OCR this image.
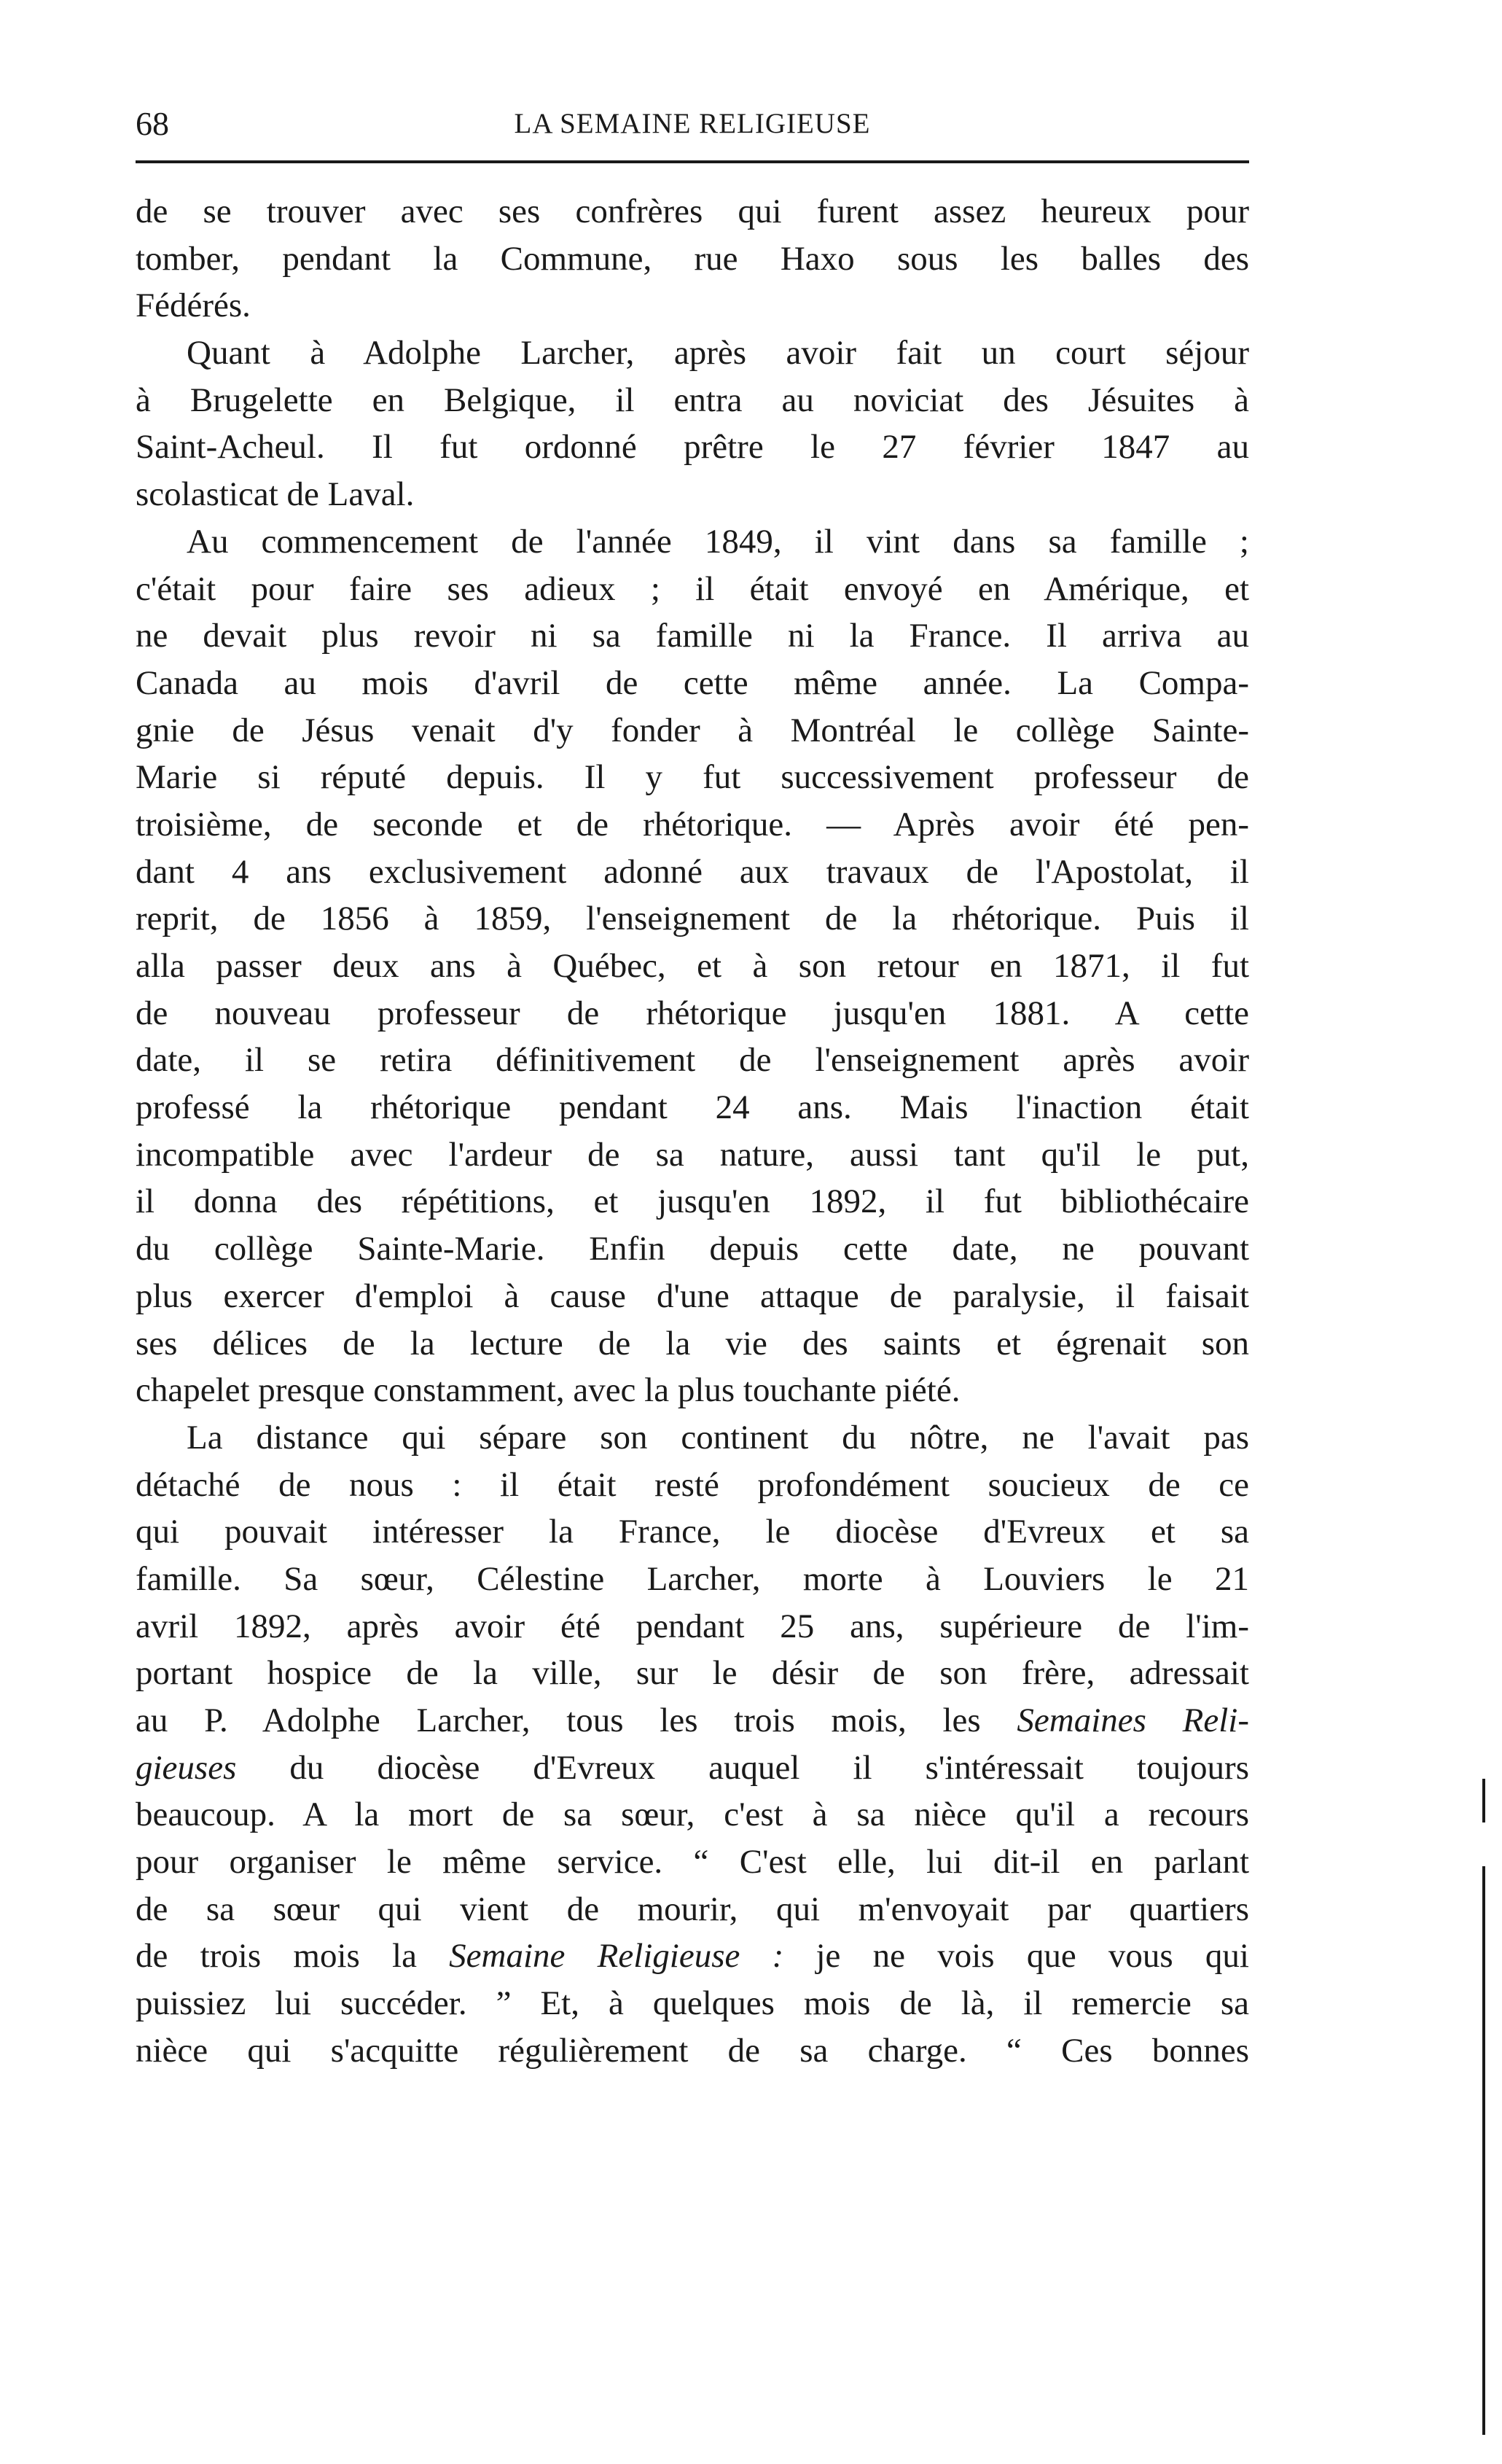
68	LA SEMAINE RELIGIEUSE
de se trouver avec ses confrères qui furent assez heureux pour
tomber, pendant la Commune, rue Haxo sous les balles des
Fédérés.
Quant à Adolphe Larcher, après avoir fait un court séjour
à Brugelette en Belgique, il entra au noviciat des Jésuites à
Saint-Acheul. Il fut ordonné prêtre le 27 février 1847 au
scolasticat de Laval.
Au commencement de l'année 1849, il vint dans sa famille ;
c'était pour faire ses adieux ; il était envoyé en Amérique, et
ne devait plus revoir ni sa famille ni la France. Il arriva au
Canada au mois d'avril de cette même année. La Compa-
gnie de Jésus venait d'y fonder à Montréal le collège Sainte-
Marie si réputé depuis. Il y fut successivement professeur de
troisième, de seconde et de rhétorique. — Après avoir été pen-
dant 4 ans exclusivement adonné aux travaux de l'Apostolat, il
reprit, de 1856 à 1859, l'enseignement de la rhétorique. Puis il
alla passer deux ans à Québec, et à son retour en 1871, il fut
de nouveau professeur de rhétorique jusqu'en 1881. A cette
date, il se retira définitivement de l'enseignement après avoir
professé la rhétorique pendant 24 ans. Mais l'inaction était
incompatible avec l'ardeur de sa nature, aussi tant qu'il le put,
il donna des répétitions, et jusqu'en 1892, il fut bibliothécaire
du collège Sainte-Marie. Enfin depuis cette date, ne pouvant
plus exercer d'emploi à cause d'une attaque de paralysie, il faisait
ses délices de la lecture de la vie des saints et égrenait son
chapelet presque constamment, avec la plus touchante piété.
La distance qui sépare son continent du nôtre, ne l'avait pas
détaché de nous : il était resté profondément soucieux de ce
qui pouvait intéresser la France, le diocèse d'Evreux et sa
famille. Sa sœur, Célestine Larcher, morte à Louviers le 21
avril 1892, après avoir été pendant 25 ans, supérieure de l'im-
portant hospice de la ville, sur le désir de son frère, adressait
au P. Adolphe Larcher, tous les trois mois, les Semaines Reli-
gieuses du diocèse d'Evreux auquel il s'intéressait toujours
beaucoup. A la mort de sa sœur, c'est à sa nièce qu'il a recours
pour organiser le même service. “ C'est elle, lui dit-il en parlant
de sa sœur qui vient de mourir, qui m'envoyait par quartiers
de trois mois la Semaine Religieuse : je ne vois que vous qui
puissiez lui succéder. ” Et, à quelques mois de là, il remercie sa
nièce qui s'acquitte régulièrement de sa charge. “ Ces bonnes
